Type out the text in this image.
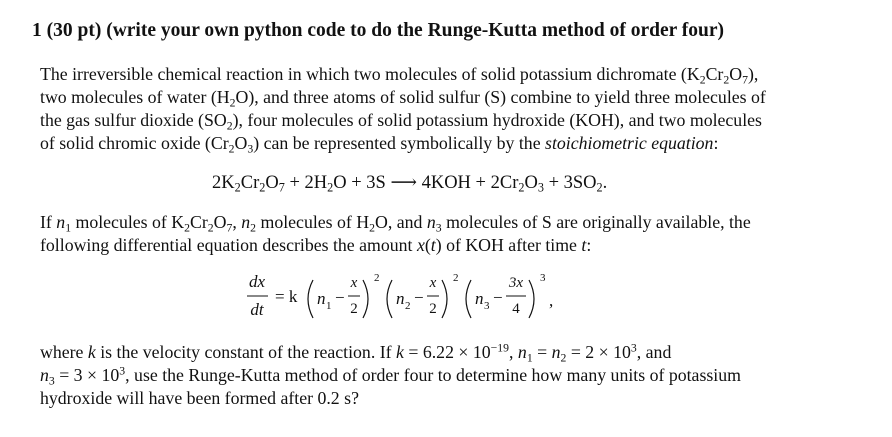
1 (30 pt) (write your own python code to do the Runge-Kutta method of order four)
The irreversible chemical reaction in which two molecules of solid potassium dichromate $(K_2Cr_2O_7)$,
two molecules of water $(H_2O)$, and three atoms of solid sulfur (S) combine to yield three molecules of
the gas sulfur dioxide $(SO_2)$, four molecules of solid potassium hydroxide (KOH), and two molecules
of solid chromic oxide $(Cr_2O_3)$ can be represented symbolically by the stoichiometric equation:
$2K_2Cr_2O_7 + 2H_2O + 3S$ ⟶ $4KOH + 2Cr_2O_3 + 3SO_2$.
If $n_1$ molecules of $K_2Cr_2O_7$, $n_2$ molecules of $H_2O$, and $n_3$ molecules of S are originally available, the
following differential equation describes the amount x(t) of KOH after time t:
dx
dt
= k n 1 −
x
2
2
n 2 −
x
2
2
n 3 −
3x
4
3
,
where k is the velocity constant of the reaction. If $k = 6.22 \times 10^{-19}$, $n_1 = n_2 = 2 \times 10^3$, and
$n_3 = 3 \times 10^3$, use the Runge-Kutta method of order four to determine how many units of potassium
hydroxide will have been formed after 0.2 s?
